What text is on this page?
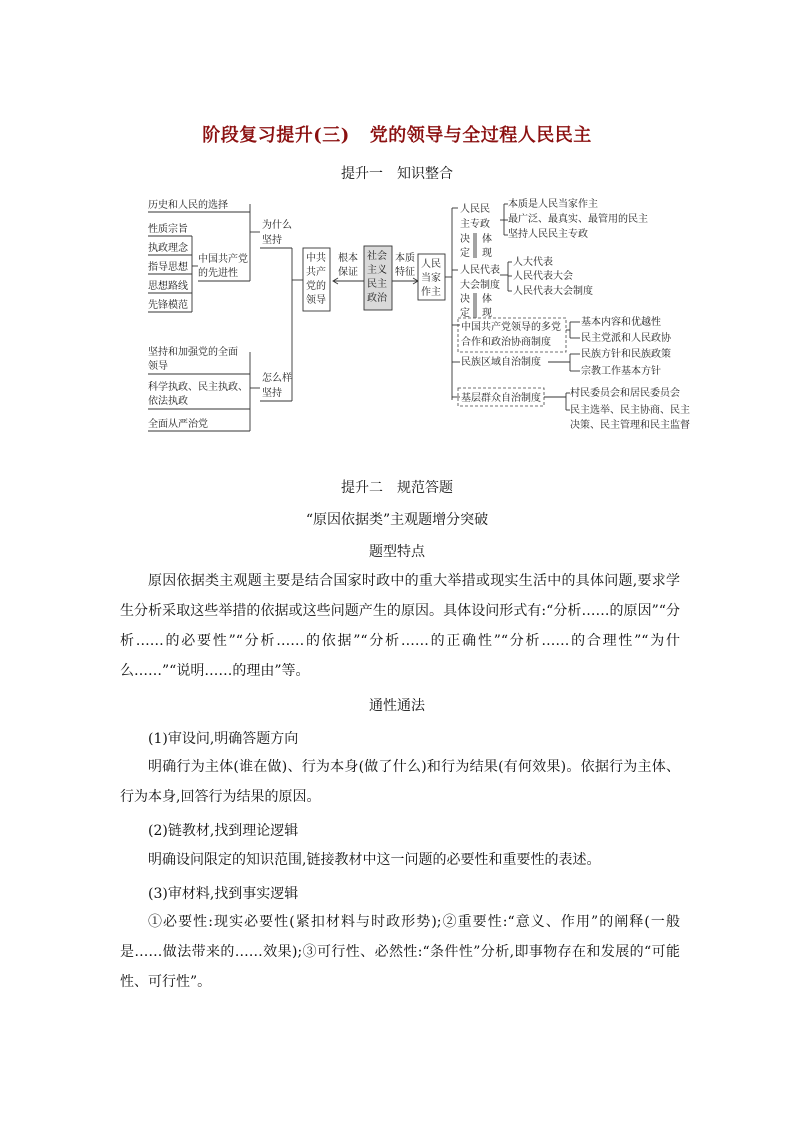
阶段复习提升(三) 党的领导与全过程人民民主
提升一 知识整合
历史和人民的选择
性质宗旨
执政理念
指导思想
思想路线
先锋模范
中国共产党
的先进性
为什么
坚持
坚持和加强党的全面
领导
科学执政、民主执政、
依法执政
全面从严治党
怎么样
坚持
中共
共产
党的
领导
根本
保证
社会
主义
民主
政治
本质
特征
人民
当家
作主
人民民
主专政
决
定
体
现
本质是人民当家作主
最广泛、最真实、最管用的民主
坚持人民民主专政
人民代表
大会制度
决
定
体
现
人大代表
人民代表大会
人民代表大会制度
中国共产党领导的多党
合作和政治协商制度
基本内容和优越性
民主党派和人民政协
民族区域自治制度
民族方针和民族政策
宗教工作基本方针
基层群众自治制度	村民委员会和居民委员会
民主选举、民主协商、民主
决策、民主管理和民主监督
提升二 规范答题
“原因依据类”主观题增分突破
题型特点

原因依据类主观题主要是结合国家时政中的重大举措或现实生活中的具体问题,要求学生分析采取这些举措的依据或这些问题产生的原因。具体设问形式有:“分析……的原因”“分析……的必要性”“分析……的依据”“分析……的正确性”“分析……的合理性”“为什么……”“说明……的理由”等。

通性通法
(1)审设问,明确答题方向

明确行为主体(谁在做)、行为本身(做了什么)和行为结果(有何效果)。依据行为主体、行为本身,回答行为结果的原因。

(2)链教材,找到理论逻辑

明确设问限定的知识范围,链接教材中这一问题的必要性和重要性的表述。

(3)审材料,找到事实逻辑

①必要性:现实必要性(紧扣材料与时政形势);②重要性:“意义、作用”的阐释(一般是……做法带来的……效果);③可行性、必然性:“条件性”分析,即事物存在和发展的“可能性、可行性”。
